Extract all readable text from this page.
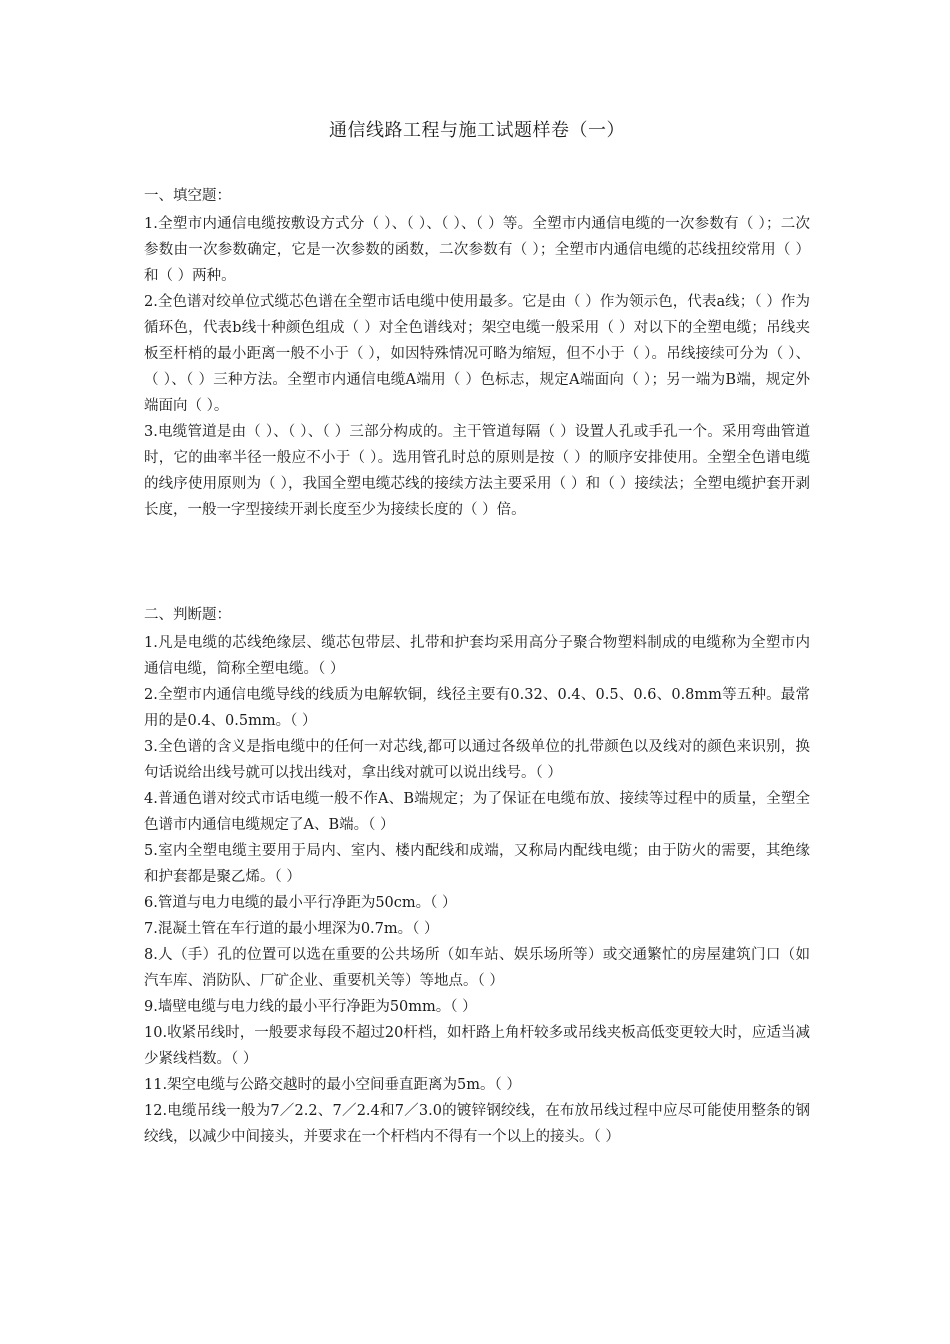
通信线路工程与施工试题样卷（一）
一、填空题：

1.全塑市内通信电缆按敷设方式分（ ）、（ ）、（ ）、（ ）等。全塑市内通信电缆的一次参数有（ ）；二次参数由一次参数确定，它是一次参数的函数，二次参数有（ ）；全塑市内通信电缆的芯线扭绞常用（ ）和（ ）两种。

2.全色谱对绞单位式缆芯色谱在全塑市话电缆中使用最多。它是由（ ）作为领示色，代表a线；（ ）作为循环色，代表b线十种颜色组成（ ）对全色谱线对；架空电缆一般采用（ ）对以下的全塑电缆；吊线夹板至杆梢的最小距离一般不小于（ ），如因特殊情况可略为缩短，但不小于（ ）。吊线接续可分为（ ）、（ ）、（ ）三种方法。全塑市内通信电缆A端用（ ）色标志，规定A端面向（ ）；另一端为B端，规定外端面向（ ）。

3.电缆管道是由（ ）、（ ）、（ ）三部分构成的。主干管道每隔（ ）设置人孔或手孔一个。采用弯曲管道时，它的曲率半径一般应不小于（ ）。选用管孔时总的原则是按（ ）的顺序安排使用。全塑全色谱电缆的线序使用原则为（ ），我国全塑电缆芯线的接续方法主要采用（ ）和（ ）接续法；全塑电缆护套开剥长度，一般一字型接续开剥长度至少为接续长度的（ ）倍。

二、判断题：

1.凡是电缆的芯线绝缘层、缆芯包带层、扎带和护套均采用高分子聚合物塑料制成的电缆称为全塑市内通信电缆，简称全塑电缆。（ ）

2.全塑市内通信电缆导线的线质为电解软铜，线径主要有0.32、0.4、0.5、0.6、0.8mm等五种。最常用的是0.4、0.5mm。（ ）

3.全色谱的含义是指电缆中的任何一对芯线,都可以通过各级单位的扎带颜色以及线对的颜色来识别，换句话说给出线号就可以找出线对，拿出线对就可以说出线号。（ ）

4.普通色谱对绞式市话电缆一般不作A、B端规定；为了保证在电缆布放、接续等过程中的质量，全塑全色谱市内通信电缆规定了A、B端。（ ）

5.室内全塑电缆主要用于局内、室内、楼内配线和成端，又称局内配线电缆；由于防火的需要，其绝缘和护套都是聚乙烯。（ ）

6.管道与电力电缆的最小平行净距为50cm。（ ）

7.混凝土管在车行道的最小埋深为0.7m。（ ）

8.人（手）孔的位置可以选在重要的公共场所（如车站、娱乐场所等）或交通繁忙的房屋建筑门口（如汽车库、消防队、厂矿企业、重要机关等）等地点。（ ）

9.墙壁电缆与电力线的最小平行净距为50mm。（ ）

10.收紧吊线时，一般要求每段不超过20杆档，如杆路上角杆较多或吊线夹板高低变更较大时，应适当减少紧线档数。（ ）

11.架空电缆与公路交越时的最小空间垂直距离为5m。（ ）

12.电缆吊线一般为7／2.2、7／2.4和7／3.0的镀锌钢绞线，在布放吊线过程中应尽可能使用整条的钢绞线，以减少中间接头，并要求在一个杆档内不得有一个以上的接头。（ ）
